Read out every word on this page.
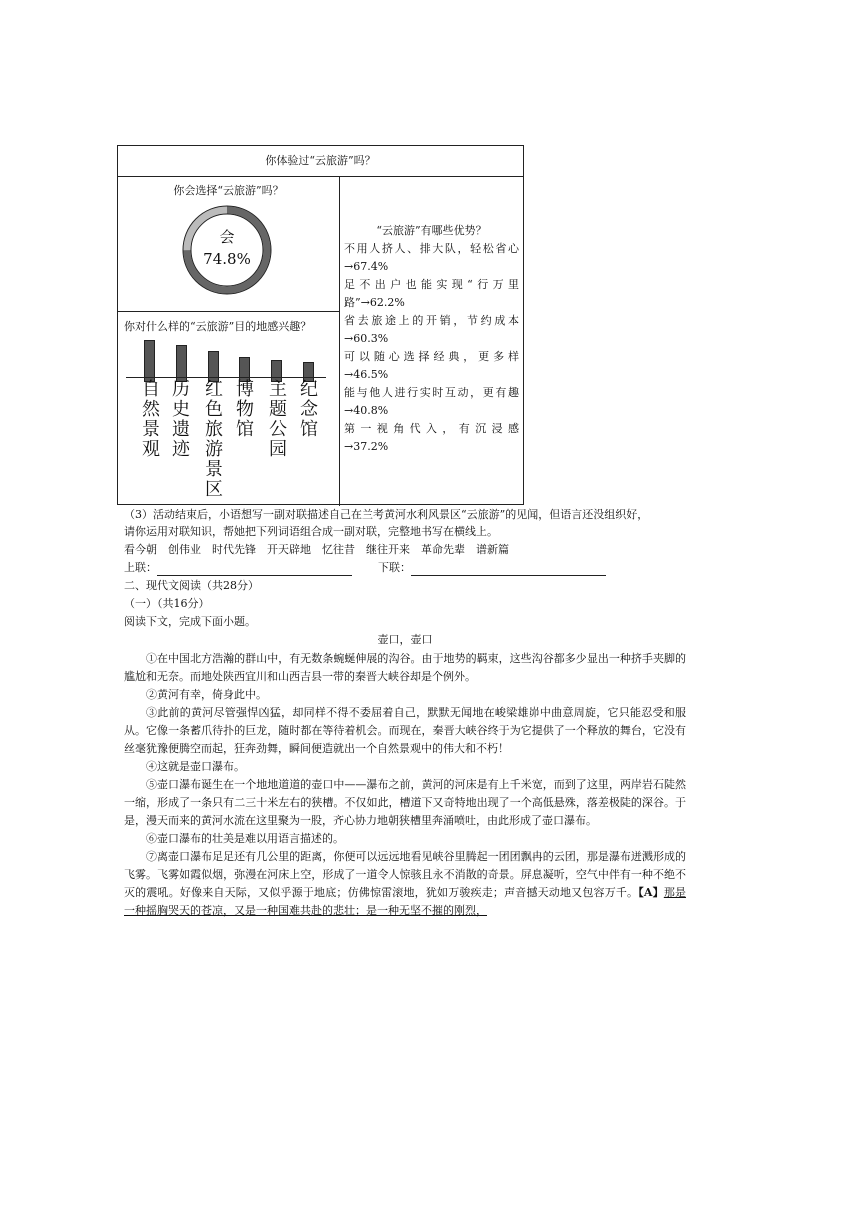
你体验过“云旅游”吗？
你会选择“云旅游”吗？
会
74.8%
你对什么样的“云旅游”目的地感兴趣？
自然景观
历史遗迹
红色旅游景区
博物馆
主题公园
纪念馆
“云旅游”有哪些优势？
不用人挤人、排大队，轻松省心
→67.4%
足不出户也能实现“行万里
路”→62.2%
省去旅途上的开销，节约成本
→60.3%
可以随心选择经典，更多样
→46.5%
能与他人进行实时互动，更有趣
→40.8%
第一视角代入，有沉浸感
→37.2%
（3）活动结束后，小语想写一副对联描述自己在兰考黄河水利风景区“云旅游”的见闻，但语言还没组织好，
请你运用对联知识，帮她把下列词语组合成一副对联，完整地书写在横线上。
看今朝　创伟业　时代先锋　开天辟地　忆往昔　继往开来　革命先辈　谱新篇
上联：	下联：
二、现代文阅读（共28分）
（一）（共16分）
阅读下文，完成下面小题。
壶口，壶口

①在中国北方浩瀚的群山中，有无数条蜿蜒伸展的沟谷。由于地势的羁束，这些沟谷都多少显出一种挤手夹脚的尴尬和无奈。而地处陕西宜川和山西吉县一带的秦晋大峡谷却是个例外。

②黄河有幸，倚身此中。

③此前的黄河尽管强悍凶猛，却同样不得不委屈着自己，默默无闻地在峻梁雄峁中曲意周旋，它只能忍受和服从。它像一条蓄爪待扑的巨龙，随时都在等待着机会。而现在，秦晋大峡谷终于为它提供了一个释放的舞台，它没有丝毫犹豫便腾空而起，狂奔劲舞，瞬间便造就出一个自然景观中的伟大和不朽！

④这就是壶口瀑布。

⑤壶口瀑布诞生在一个地地道道的壶口中——瀑布之前，黄河的河床是有上千米宽，而到了这里，两岸岩石陡然一缩，形成了一条只有二三十米左右的狭槽。不仅如此，槽道下又奇特地出现了一个高低悬殊，落差极陡的深谷。于是，漫天而来的黄河水流在这里聚为一股，齐心协力地朝狭槽里奔涌喷吐，由此形成了壶口瀑布。

⑥壶口瀑布的壮美是难以用语言描述的。

⑦离壶口瀑布足足还有几公里的距离，你便可以远远地看见峡谷里腾起一团团飘冉的云团，那是瀑布迸溅形成的飞雾。飞雾如霞似烟，弥漫在河床上空，形成了一道令人惊骇且永不消散的奇景。屏息凝听，空气中伴有一种不绝不灭的震吼。好像来自天际，又似乎源于地底；仿佛惊雷滚地，犹如万骏疾走；声音撼天动地又包容万千。【A】那是一种摇胸哭天的苍凉，又是一种国难共赴的悲壮；是一种无坚不摧的刚烈，
